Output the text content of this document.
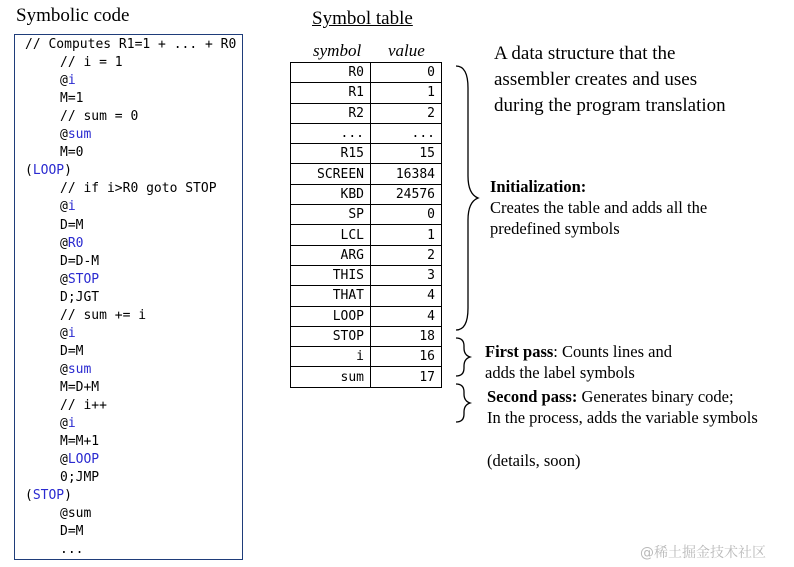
Symbolic code	Symbol table
// Computes R1=1 + ... + R0
// i = 1
@i
M=1
// sum = 0
@sum
M=0
(LOOP)
// if i>R0 goto STOP
@i
D=M
@R0
D=D-M
@STOP
D;JGT
// sum += i
@i
D=M
@sum
M=D+M
// i++
@i
M=M+1
@LOOP
0;JMP
(STOP)
@sum
D=M
...
symbol value
R0	0
R1	1
R2	2
...	...
R15	15
SCREEN	16384
KBD	24576
SP	0
LCL	1
ARG	2
THIS	3
THAT	4
LOOP	4
STOP	18
i	16
sum	17
A data structure that the
assembler creates and uses
during the program translation
Initialization:
Creates the table and adds all the
predefined symbols
First pass: Counts lines and
adds the label symbols
Second pass: Generates binary code;
In the process, adds the variable symbols
(details, soon)
@稀土掘金技术社区
